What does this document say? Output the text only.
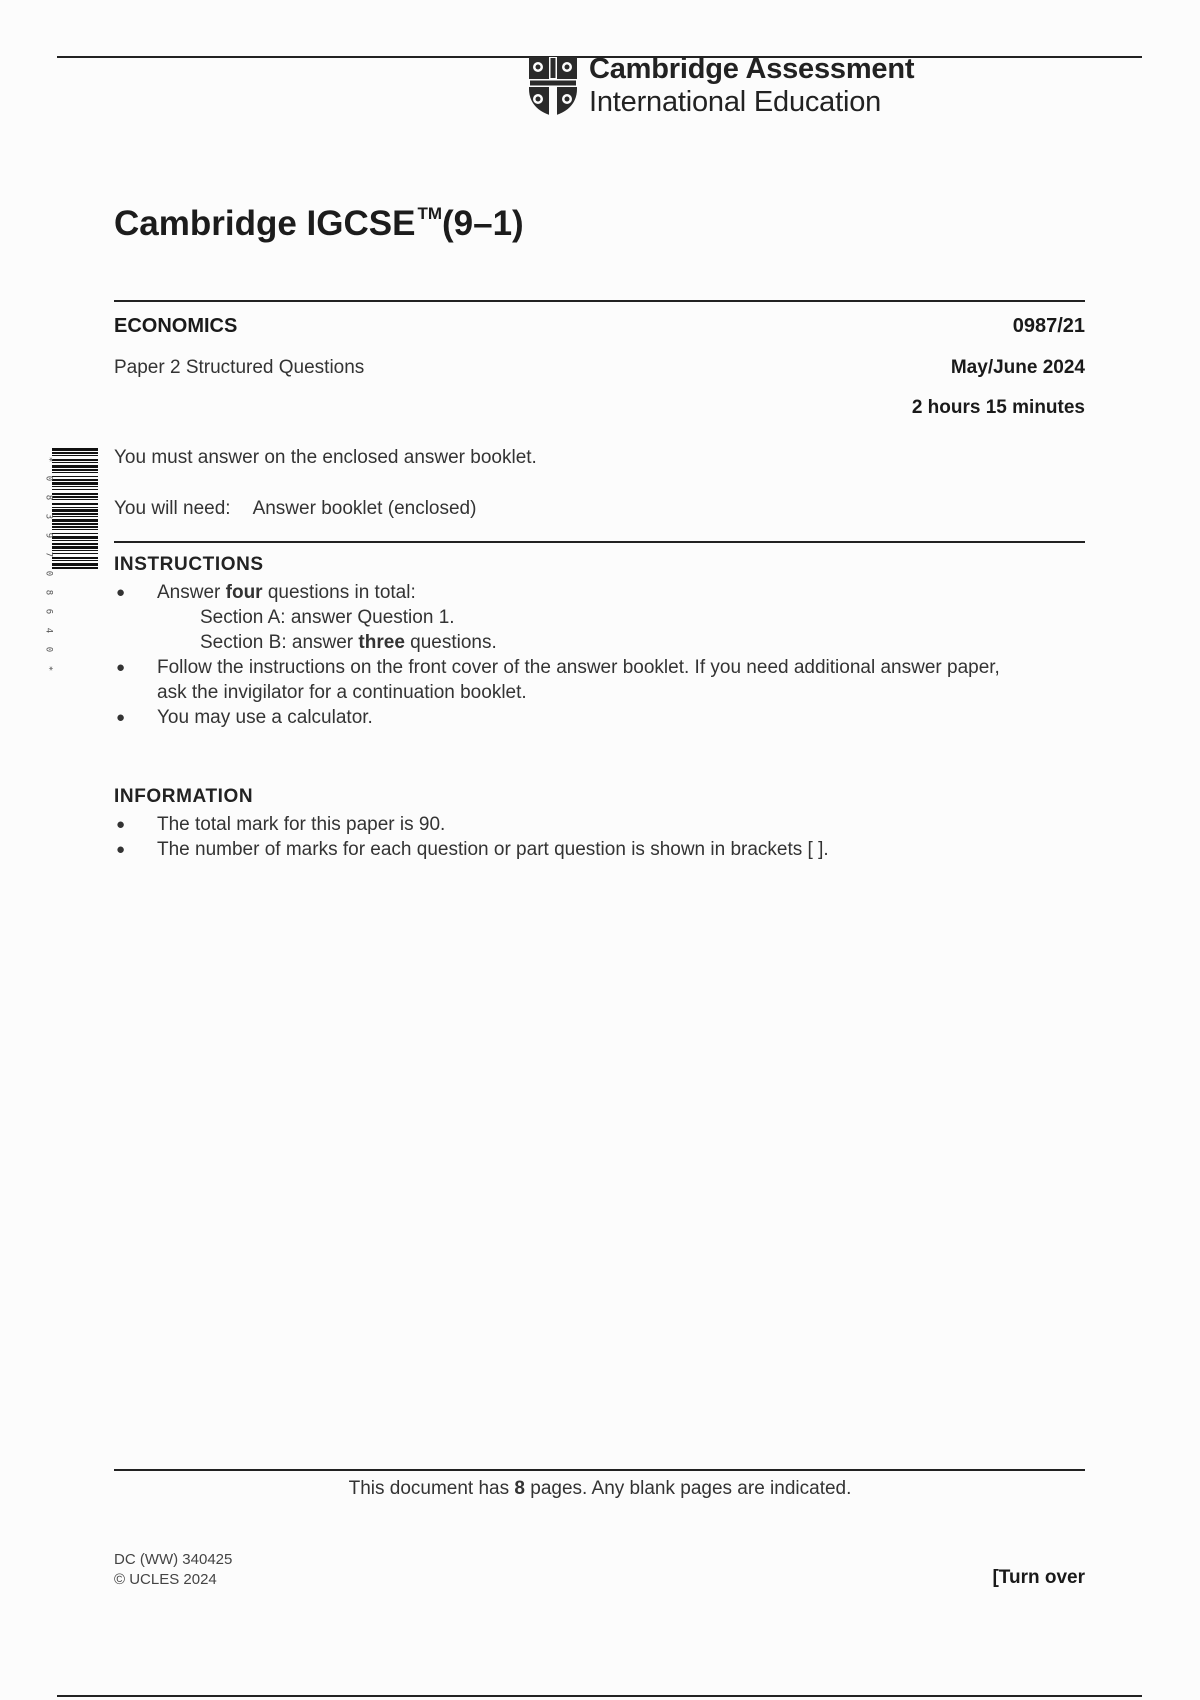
Cambridge Assessment
International Education
Cambridge IGCSE ™(9–1)
ECONOMICS	0987/21
Paper 2 Structured Questions	May/June 2024
2 hours 15 minutes
*
0
8
3
9
7
0
8
6
4
0
*
You must answer on the enclosed answer booklet.
You will need: Answer booklet (enclosed)
INSTRUCTIONS
● Answer four questions in total:
Section A: answer Question 1.
Section B: answer three questions.
● Follow the instructions on the front cover of the answer booklet. If you need additional answer paper,
ask the invigilator for a continuation booklet.
● You may use a calculator.
INFORMATION
● The total mark for this paper is 90.
● The number of marks for each question or part question is shown in brackets [ ].
This document has 8 pages. Any blank pages are indicated.
DC (WW) 340425
© UCLES 2024	[Turn over
